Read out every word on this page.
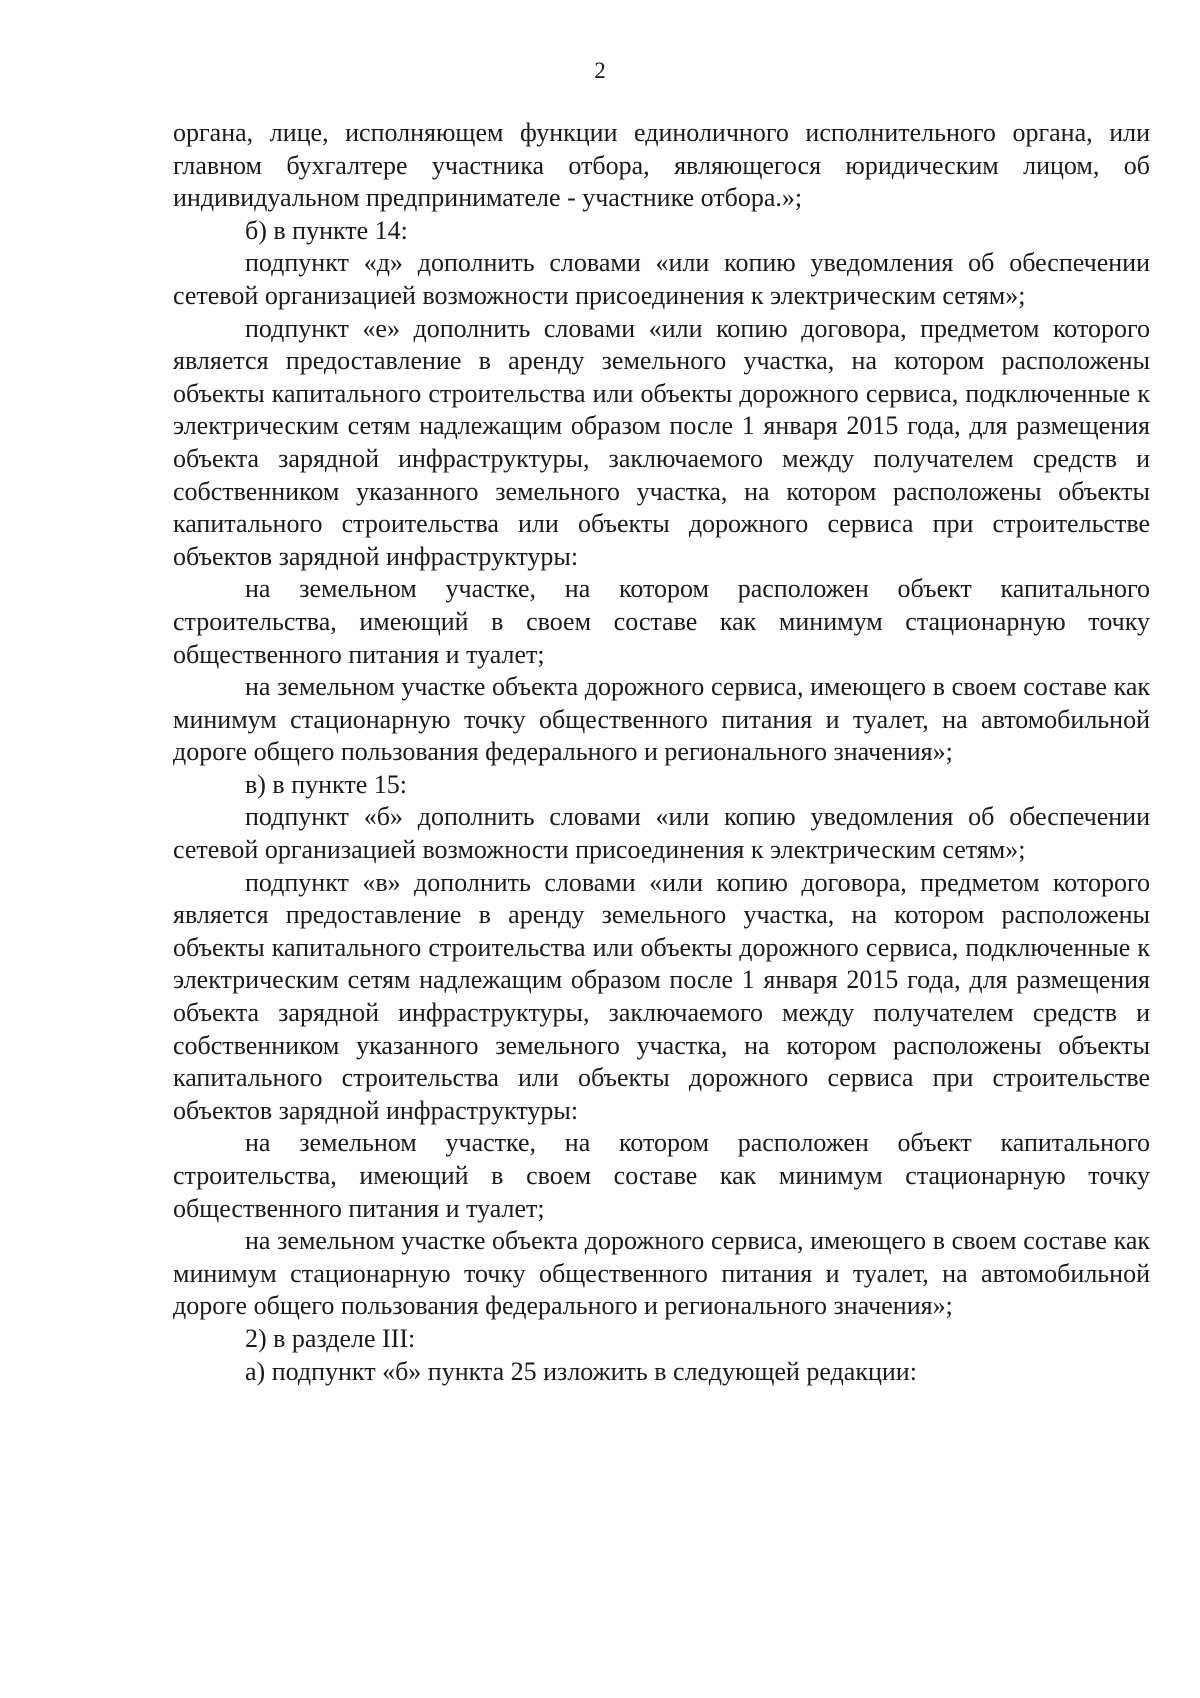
2

органа, лице, исполняющем функции единоличного исполнительного органа, или главном бухгалтере участника отбора, являющегося юридическим лицом, об индивидуальном предпринимателе - участнике отбора.»;

б) в пункте 14:

подпункт «д» дополнить словами «или копию уведомления об обеспечении сетевой организацией возможности присоединения к электрическим сетям»;

подпункт «е» дополнить словами «или копию договора, предметом которого является предоставление в аренду земельного участка, на котором расположены объекты капитального строительства или объекты дорожного сервиса, подключенные к электрическим сетям надлежащим образом после 1 января 2015 года, для размещения объекта зарядной инфраструктуры, заключаемого между получателем средств и собственником указанного земельного участка, на котором расположены объекты капитального строительства или объекты дорожного сервиса при строительстве объектов зарядной инфраструктуры:

на земельном участке, на котором расположен объект капитального строительства, имеющий в своем составе как минимум стационарную точку общественного питания и туалет;

на земельном участке объекта дорожного сервиса, имеющего в своем составе как минимум стационарную точку общественного питания и туалет, на автомобильной дороге общего пользования федерального и регионального значения»;

в) в пункте 15:

подпункт «б» дополнить словами «или копию уведомления об обеспечении сетевой организацией возможности присоединения к электрическим сетям»;

подпункт «в» дополнить словами «или копию договора, предметом которого является предоставление в аренду земельного участка, на котором расположены объекты капитального строительства или объекты дорожного сервиса, подключенные к электрическим сетям надлежащим образом после 1 января 2015 года, для размещения объекта зарядной инфраструктуры, заключаемого между получателем средств и собственником указанного земельного участка, на котором расположены объекты капитального строительства или объекты дорожного сервиса при строительстве объектов зарядной инфраструктуры:

на земельном участке, на котором расположен объект капитального строительства, имеющий в своем составе как минимум стационарную точку общественного питания и туалет;

на земельном участке объекта дорожного сервиса, имеющего в своем составе как минимум стационарную точку общественного питания и туалет, на автомобильной дороге общего пользования федерального и регионального значения»;

2) в разделе III:

а) подпункт «б» пункта 25 изложить в следующей редакции:
